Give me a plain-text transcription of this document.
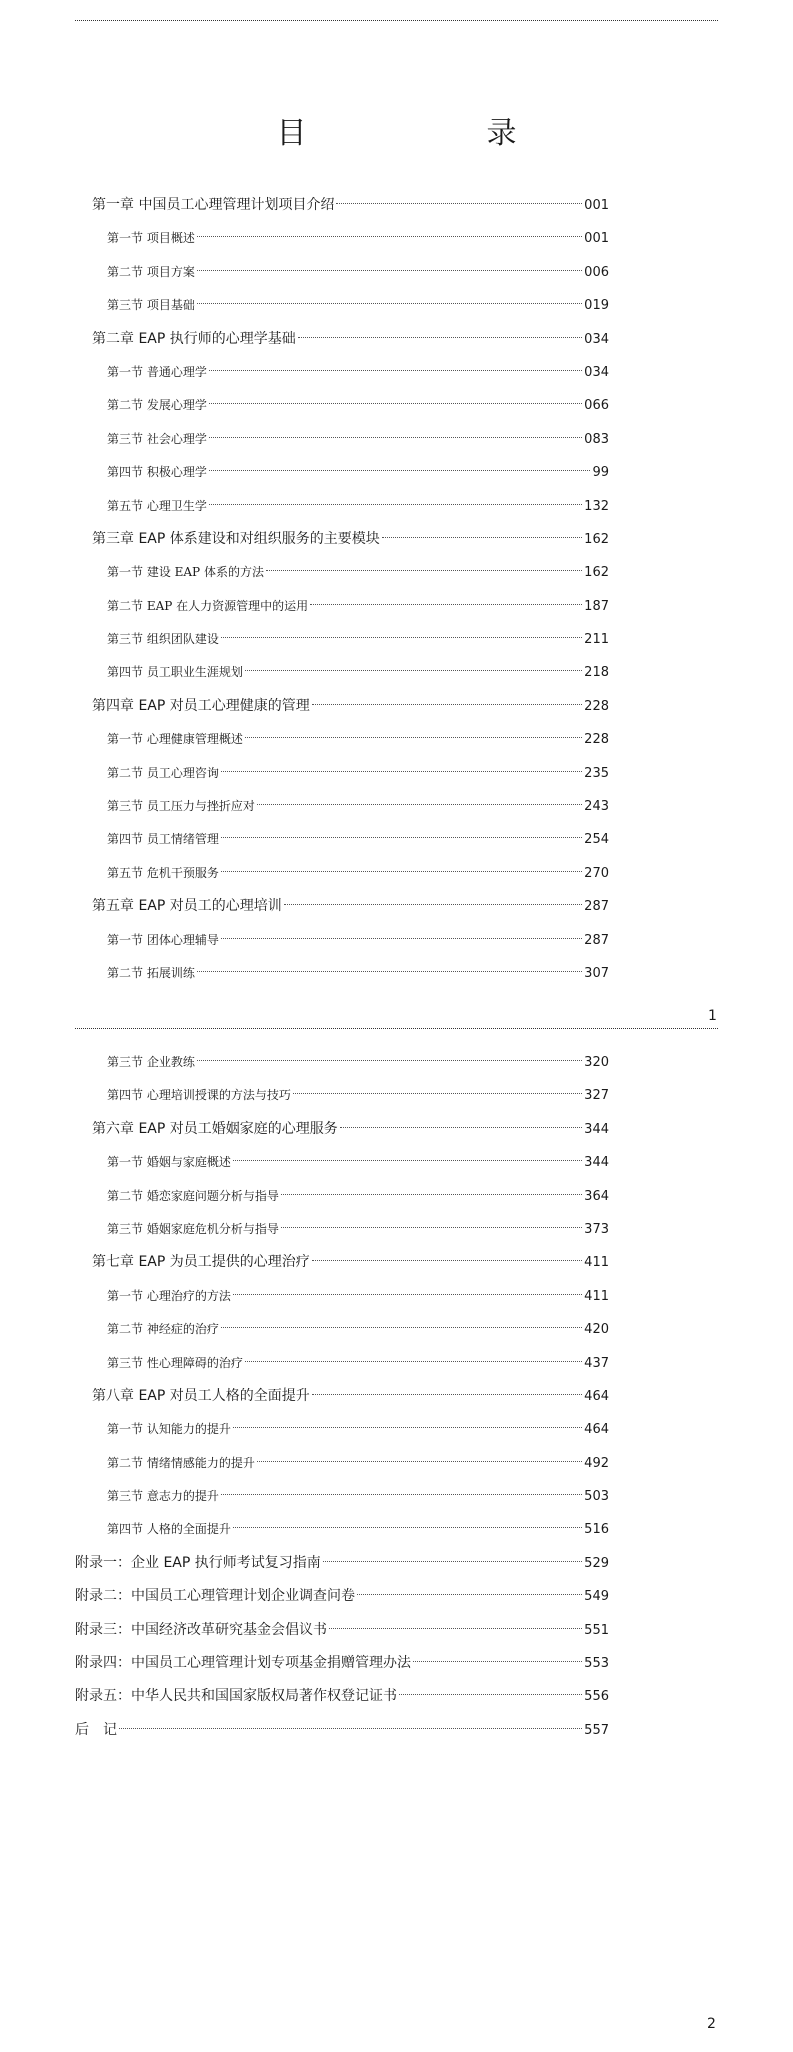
目　　录
第一章 中国员工心理管理计划项目介绍	001
第一节 项目概述	001
第二节 项目方案	006
第三节 项目基础	019
第二章 EAP 执行师的心理学基础	034
第一节 普通心理学	034
第二节 发展心理学	066
第三节 社会心理学	083
第四节 积极心理学	99
第五节 心理卫生学	132
第三章 EAP 体系建设和对组织服务的主要模块	162
第一节 建设 EAP 体系的方法	162
第二节 EAP 在人力资源管理中的运用	187
第三节 组织团队建设	211
第四节 员工职业生涯规划	218
第四章 EAP 对员工心理健康的管理	228
第一节 心理健康管理概述	228
第二节 员工心理咨询	235
第三节 员工压力与挫折应对	243
第四节 员工情绪管理	254
第五节 危机干预服务	270
第五章 EAP 对员工的心理培训	287
第一节 团体心理辅导	287
第二节 拓展训练	307
1
第三节 企业教练	320
第四节 心理培训授课的方法与技巧	327
第六章 EAP 对员工婚姻家庭的心理服务	344
第一节 婚姻与家庭概述	344
第二节 婚恋家庭问题分析与指导	364
第三节 婚姻家庭危机分析与指导	373
第七章 EAP 为员工提供的心理治疗	411
第一节 心理治疗的方法	411
第二节 神经症的治疗	420
第三节 性心理障碍的治疗	437
第八章 EAP 对员工人格的全面提升	464
第一节 认知能力的提升	464
第二节 情绪情感能力的提升	492
第三节 意志力的提升	503
第四节 人格的全面提升	516
附录一：企业 EAP 执行师考试复习指南	529
附录二：中国员工心理管理计划企业调查问卷	549
附录三：中国经济改革研究基金会倡议书	551
附录四：中国员工心理管理计划专项基金捐赠管理办法	553
附录五：中华人民共和国国家版权局著作权登记证书	556
后　记	557
2
